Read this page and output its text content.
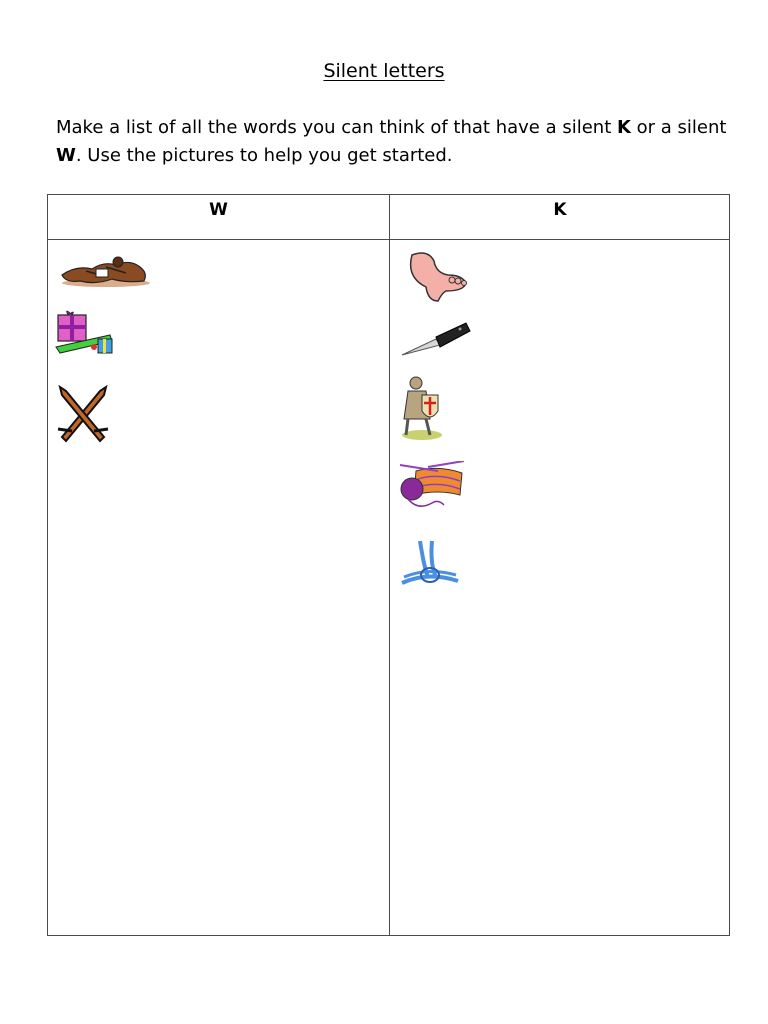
Silent letters
Make a list of all the words you can think of that have a silent K or a silent W. Use the pictures to help you get started.
W	K
